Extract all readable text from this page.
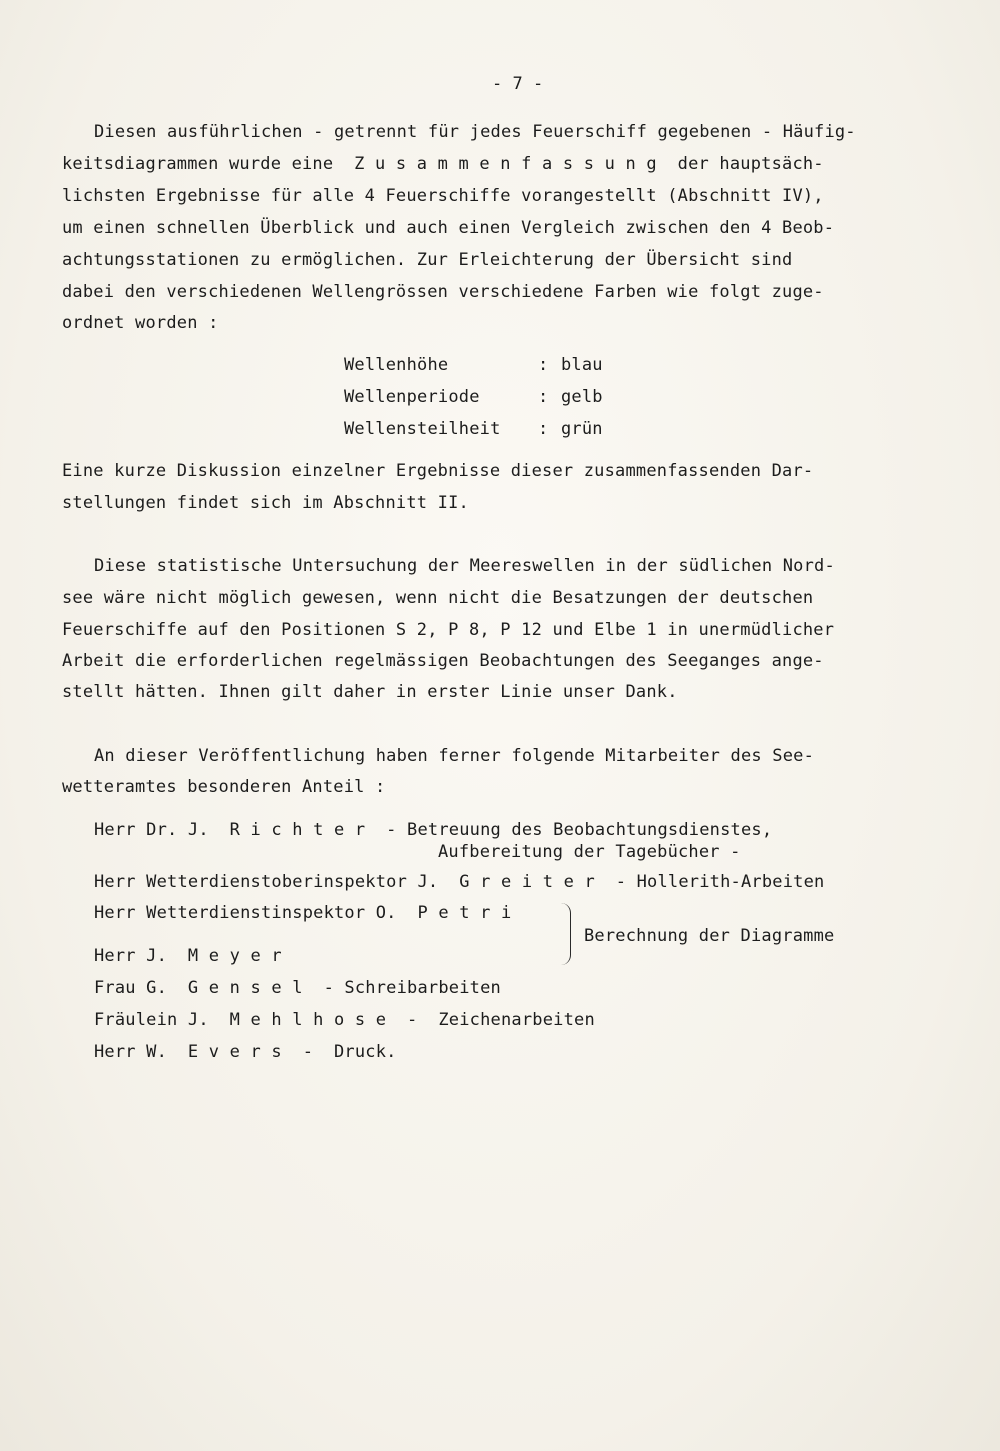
- 7 -
Diesen ausführlichen - getrennt für jedes Feuerschiff gegebenen - Häufig-
keitsdiagrammen wurde eine  Z u s a m m e n f a s s u n g  der hauptsäch-
lichsten Ergebnisse für alle 4 Feuerschiffe vorangestellt (Abschnitt IV),
um einen schnellen Überblick und auch einen Vergleich zwischen den 4 Beob-
achtungsstationen zu ermöglichen. Zur Erleichterung der Übersicht sind
dabei den verschiedenen Wellengrössen verschiedene Farben wie folgt zuge-
ordnet worden :
Wellenhöhe	: blau
Wellenperiode	: gelb
Wellensteilheit : grün
Eine kurze Diskussion einzelner Ergebnisse dieser zusammenfassenden Dar-
stellungen findet sich im Abschnitt II.
Diese statistische Untersuchung der Meereswellen in der südlichen Nord-
see wäre nicht möglich gewesen, wenn nicht die Besatzungen der deutschen
Feuerschiffe auf den Positionen S 2, P 8, P 12 und Elbe 1 in unermüdlicher
Arbeit die erforderlichen regelmässigen Beobachtungen des Seeganges ange-
stellt hätten. Ihnen gilt daher in erster Linie unser Dank.
An dieser Veröffentlichung haben ferner folgende Mitarbeiter des See-
wetteramtes besonderen Anteil :
Herr Dr. J.  R i c h t e r  - Betreuung des Beobachtungsdienstes,
Aufbereitung der Tagebücher -
Herr Wetterdienstoberinspektor J.  G r e i t e r  - Hollerith-Arbeiten
Herr Wetterdienstinspektor O.  P e t r i
Berechnung der Diagramme
Herr J.  M e y e r
Frau G.  G e n s e l  - Schreibarbeiten
Fräulein J.  M e h l h o s e  -  Zeichenarbeiten
Herr W.  E v e r s  -  Druck.
